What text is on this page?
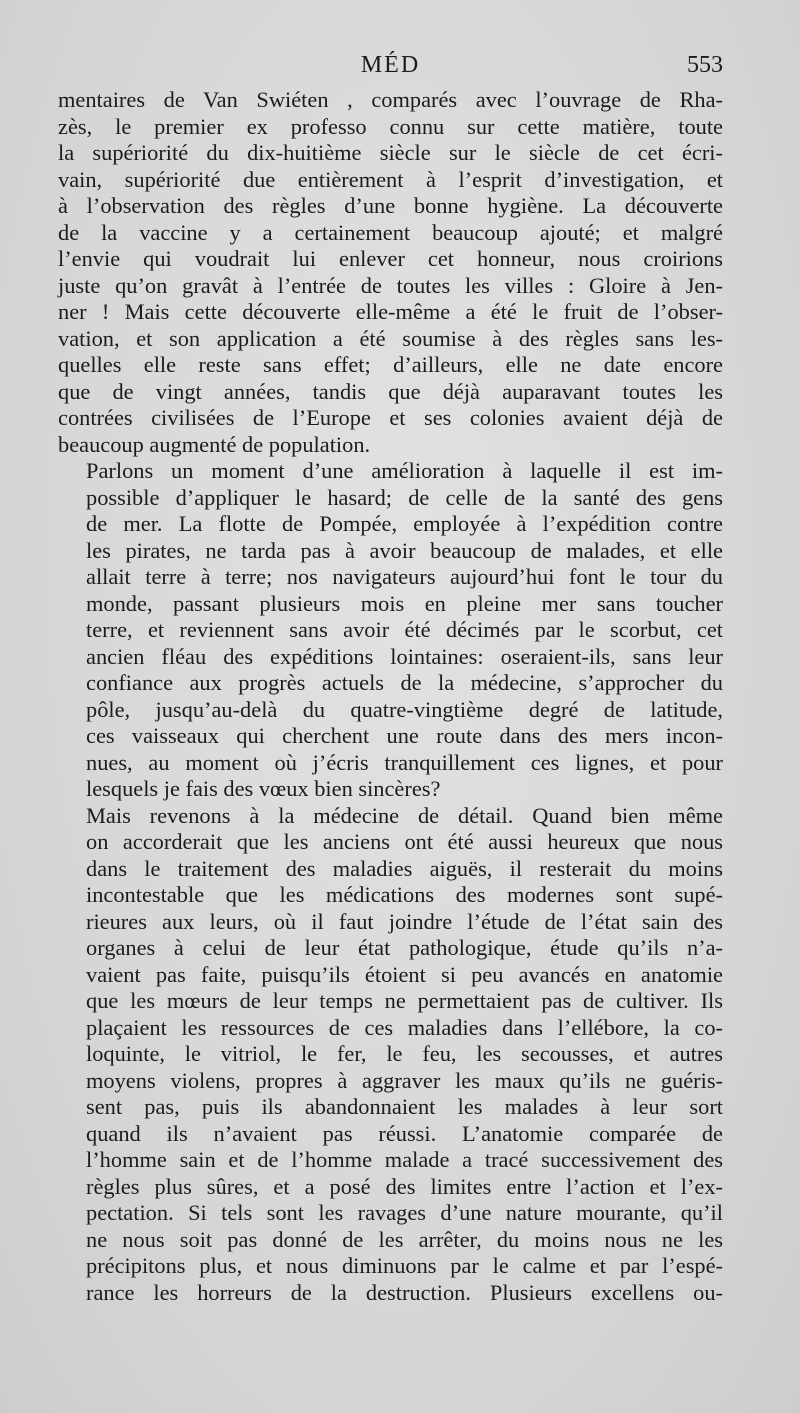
MÉD	553
mentaires de Van Swiéten , comparés avec l’ouvrage de Rha-
zès, le premier ex professo connu sur cette matière, toute
la supériorité du dix-huitième siècle sur le siècle de cet écri-
vain, supériorité due entièrement à l’esprit d’investigation, et
à l’observation des règles d’une bonne hygiène. La découverte
de la vaccine y a certainement beaucoup ajouté; et malgré
l’envie qui voudrait lui enlever cet honneur, nous croirions
juste qu’on gravât à l’entrée de toutes les villes : Gloire à Jen-
ner ! Mais cette découverte elle-même a été le fruit de l’obser-
vation, et son application a été soumise à des règles sans les-
quelles elle reste sans effet; d’ailleurs, elle ne date encore
que de vingt années, tandis que déjà auparavant toutes les
contrées civilisées de l’Europe et ses colonies avaient déjà de
beaucoup augmenté de population.
Parlons un moment d’une amélioration à laquelle il est im-
possible d’appliquer le hasard; de celle de la santé des gens
de mer. La flotte de Pompée, employée à l’expédition contre
les pirates, ne tarda pas à avoir beaucoup de malades, et elle
allait terre à terre; nos navigateurs aujourd’hui font le tour du
monde, passant plusieurs mois en pleine mer sans toucher
terre, et reviennent sans avoir été décimés par le scorbut, cet
ancien fléau des expéditions lointaines: oseraient-ils, sans leur
confiance aux progrès actuels de la médecine, s’approcher du
pôle, jusqu’au-delà du quatre-vingtième degré de latitude,
ces vaisseaux qui cherchent une route dans des mers incon-
nues, au moment où j’écris tranquillement ces lignes, et pour
lesquels je fais des vœux bien sincères?
Mais revenons à la médecine de détail. Quand bien même
on accorderait que les anciens ont été aussi heureux que nous
dans le traitement des maladies aiguës, il resterait du moins
incontestable que les médications des modernes sont supé-
rieures aux leurs, où il faut joindre l’étude de l’état sain des
organes à celui de leur état pathologique, étude qu’ils n’a-
vaient pas faite, puisqu’ils étoient si peu avancés en anatomie
que les mœurs de leur temps ne permettaient pas de cultiver. Ils
plaçaient les ressources de ces maladies dans l’ellébore, la co-
loquinte, le vitriol, le fer, le feu, les secousses, et autres
moyens violens, propres à aggraver les maux qu’ils ne guéris-
sent pas, puis ils abandonnaient les malades à leur sort
quand ils n’avaient pas réussi. L’anatomie comparée de
l’homme sain et de l’homme malade a tracé successivement des
règles plus sûres, et a posé des limites entre l’action et l’ex-
pectation. Si tels sont les ravages d’une nature mourante, qu’il
ne nous soit pas donné de les arrêter, du moins nous ne les
précipitons plus, et nous diminuons par le calme et par l’espé-
rance les horreurs de la destruction. Plusieurs excellens ou-
